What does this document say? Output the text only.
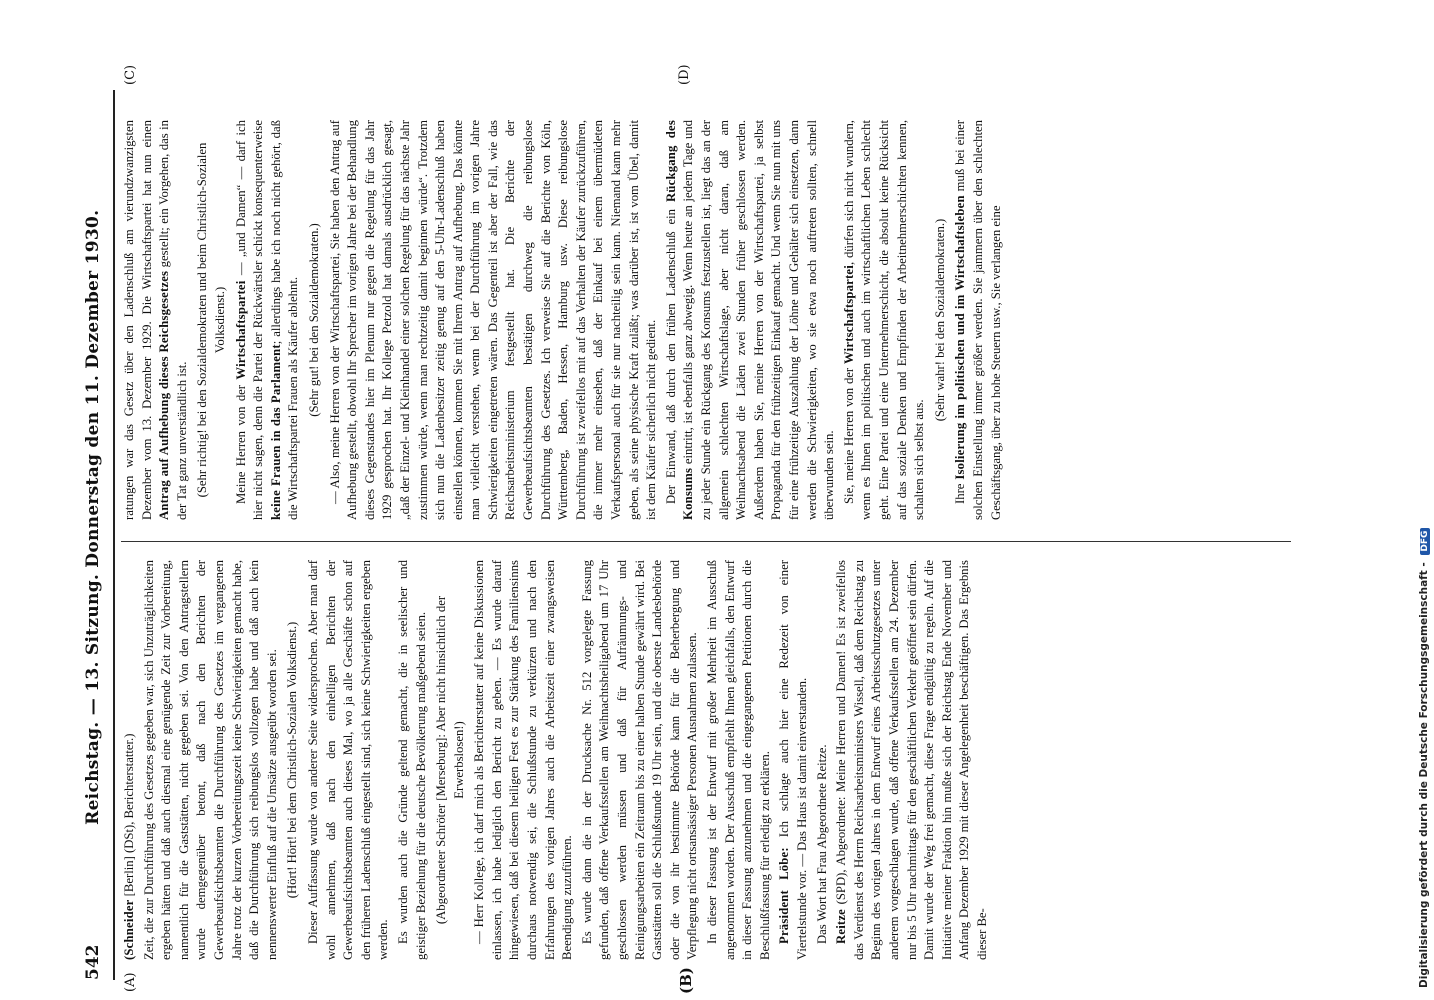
542
Reichstag. — 13. Sitzung. Donnerstag den 11. Dezember 1930.
(A)	(B)
(C)	(D)

(Schneider [Berlin] (DSt), Berichterstatter.) Zeit, die zur Durchführung des Gesetzes gegeben war, sich Unzuträglichkeiten ergeben hätten und daß auch diesmal eine genügende Zeit zur Vorbereitung, namentlich für die Gaststätten, nicht gegeben sei. Von den Antragstellern wurde demgegenüber betont, daß nach den Berichten der Gewerbeaufsichtsbeamten die Durchführung des Gesetzes im vergangenen Jahre trotz der kurzen Vorbereitungszeit keine Schwierigkeiten gemacht habe, daß die Durchführung sich reibungslos vollzogen habe und daß auch kein nennenswerter Einfluß auf die Umsätze ausgeübt worden sei. (Hört! Hört! bei dem Christlich-Sozialen Volksdienst.) Dieser Auffassung wurde von anderer Seite widersprochen. Aber man darf wohl annehmen, daß nach den einhelligen Berichten der Gewerbeaufsichtsbeamten auch dieses Mal, wo ja alle Geschäfte schon auf den früheren Ladenschluß eingestellt sind, sich keine Schwierigkeiten ergeben werden. Es wurden auch die Gründe geltend gemacht, die in seelischer und geistiger Beziehung für die deutsche Bevölkerung maßgebend seien. (Abgeordneter Schröter [Merseburg]: Aber nicht hinsichtlich der Erwerbslosen!) — Herr Kollege, ich darf mich als Berichterstatter auf keine Diskussionen einlassen, ich habe lediglich den Bericht zu geben. — Es wurde darauf hingewiesen, daß bei diesem heiligen Fest es zur Stärkung des Familiensinns durchaus notwendig sei, die Schlußstunde zu verkürzen und nach den Erfahrungen des vorigen Jahres auch die Arbeitszeit einer zwangsweisen Beendigung zuzuführen. Es wurde dann die in der Drucksache Nr. 512 vorgelegte Fassung gefunden, daß offene Verkaufsstellen am Weihnachtsheiligabend um 17 Uhr geschlossen werden müssen und daß für Aufräumungs- und Reinigungsarbeiten ein Zeitraum bis zu einer halben Stunde gewährt wird. Bei Gaststätten soll die Schlußstunde 19 Uhr sein, und die oberste Landesbehörde oder die von ihr bestimmte Behörde kann für die Beherbergung und Verpflegung nicht ortsansässiger Personen Ausnahmen zulassen. In dieser Fassung ist der Entwurf mit großer Mehrheit im Ausschuß angenommen worden. Der Ausschuß empfiehlt Ihnen gleichfalls, den Entwurf in dieser Fassung anzunehmen und die eingegangenen Petitionen durch die Beschlußfassung für erledigt zu erklären. Präsident Löbe: Ich schlage auch hier eine Redezeit von einer Viertelstunde vor. — Das Haus ist damit einverstanden. Das Wort hat Frau Abgeordnete Reitze. Reitze (SPD), Abgeordnete: Meine Herren und Damen! Es ist zweifellos das Verdienst des Herrn Reichsarbeitsministers Wissell, daß dem Reichstag zu Beginn des vorigen Jahres in dem Entwurf eines Arbeitsschutzgesetzes unter anderem vorgeschlagen wurde, daß offene Verkaufsstellen am 24. Dezember nur bis 5 Uhr nachmittags für den geschäftlichen Verkehr geöffnet sein dürfen. Damit wurde der Weg frei gemacht, diese Frage endgültig zu regeln. Auf die Initiative meiner Fraktion hin mußte sich der Reichstag Ende November und Anfang Dezember 1929 mit dieser Angelegenheit beschäftigen. Das Ergebnis dieser Be-

ratungen war das Gesetz über den Ladenschluß am vierundzwanzigsten Dezember vom 13. Dezember 1929. Die Wirtschaftspartei hat nun einen Antrag auf Aufhebung dieses Reichsgesetzes gestellt; ein Vorgehen, das in der Tat ganz unverständlich ist. (Sehr richtig! bei den Sozialdemokraten und beim Christlich-Sozialen Volksdienst.)

Meine Herren von der Wirtschaftspartei — „und Damen“ — darf ich hier nicht sagen, denn die Partei der Rückwärtsler schickt konsequenterweise keine Frauen in das Parlament; allerdings habe ich noch nicht gehört, daß die Wirtschaftspartei Frauen als Käufer ablehnt. (Sehr gut! bei den Sozialdemokraten.) — Also, meine Herren von der Wirtschaftspartei, Sie haben den Antrag auf Aufhebung gestellt, obwohl Ihr Sprecher im vorigen Jahre bei der Behandlung dieses Gegenstandes hier im Plenum nur gegen die Regelung für das Jahr 1929 gesprochen hat. Ihr Kollege Petzold hat damals ausdrücklich gesagt, „daß der Einzel- und Kleinhandel einer solchen Regelung für das nächste Jahr zustimmen würde, wenn man rechtzeitig damit beginnen würde“. Trotzdem sich nun die Ladenbesitzer zeitig genug auf den 5-Uhr-Ladenschluß haben einstellen können, kommen Sie mit Ihrem Antrag auf Aufhebung. Das könnte man vielleicht verstehen, wenn bei der Durchführung im vorigen Jahre Schwierigkeiten eingetreten wären. Das Gegenteil ist aber der Fall, wie das Reichsarbeitsministerium festgestellt hat. Die Berichte der Gewerbeaufsichtsbeamten bestätigen durchweg die reibungslose Durchführung des Gesetzes. Ich verweise Sie auf die Berichte von Köln, Württemberg, Baden, Hessen, Hamburg usw. Diese reibungslose Durchführung ist zweifellos mit auf das Verhalten der Käufer zurückzuführen, die immer mehr einsehen, daß der Einkauf bei einem übermüdeten Verkaufspersonal auch für sie nur nachteilig sein kann. Niemand kann mehr geben, als seine physische Kraft zuläßt; was darüber ist, ist vom Übel, damit ist dem Käufer sicherlich nicht gedient. Der Einwand, daß durch den frühen Ladenschluß ein Rückgang des Konsums eintritt, ist ebenfalls ganz abwegig. Wenn heute an jedem Tage und zu jeder Stunde ein Rückgang des Konsums festzustellen ist, liegt das an der allgemein schlechten Wirtschaftslage, aber nicht daran, daß am Weihnachtsabend die Läden zwei Stunden früher geschlossen werden. Außerdem haben Sie, meine Herren von der Wirtschaftspartei, ja selbst Propaganda für den frühzeitigen Einkauf gemacht. Und wenn Sie nun mit uns für eine frühzeitige Auszahlung der Löhne und Gehälter sich einsetzen, dann werden die Schwierigkeiten, wo sie etwa noch auftreten sollten, schnell überwunden sein. Sie, meine Herren von der Wirtschaftspartei, dürfen sich nicht wundern, wenn es Ihnen im politischen und auch im wirtschaftlichen Leben schlecht geht. Eine Partei und eine Unternehmerschicht, die absolut keine Rücksicht auf das soziale Denken und Empfinden der Arbeitnehmerschichten kennen, schalten sich selbst aus.

(Sehr wahr! bei den Sozialdemokraten.)

Ihre Isolierung im politischen und im Wirtschaftsleben muß bei einer solchen Einstellung immer größer werden. Sie jammern über den schlechten Geschäftsgang, über zu hohe Steuern usw., Sie verlangen eine

Digitalisierung gefördert durch die Deutsche Forschungsgemeinschaft - DFG
